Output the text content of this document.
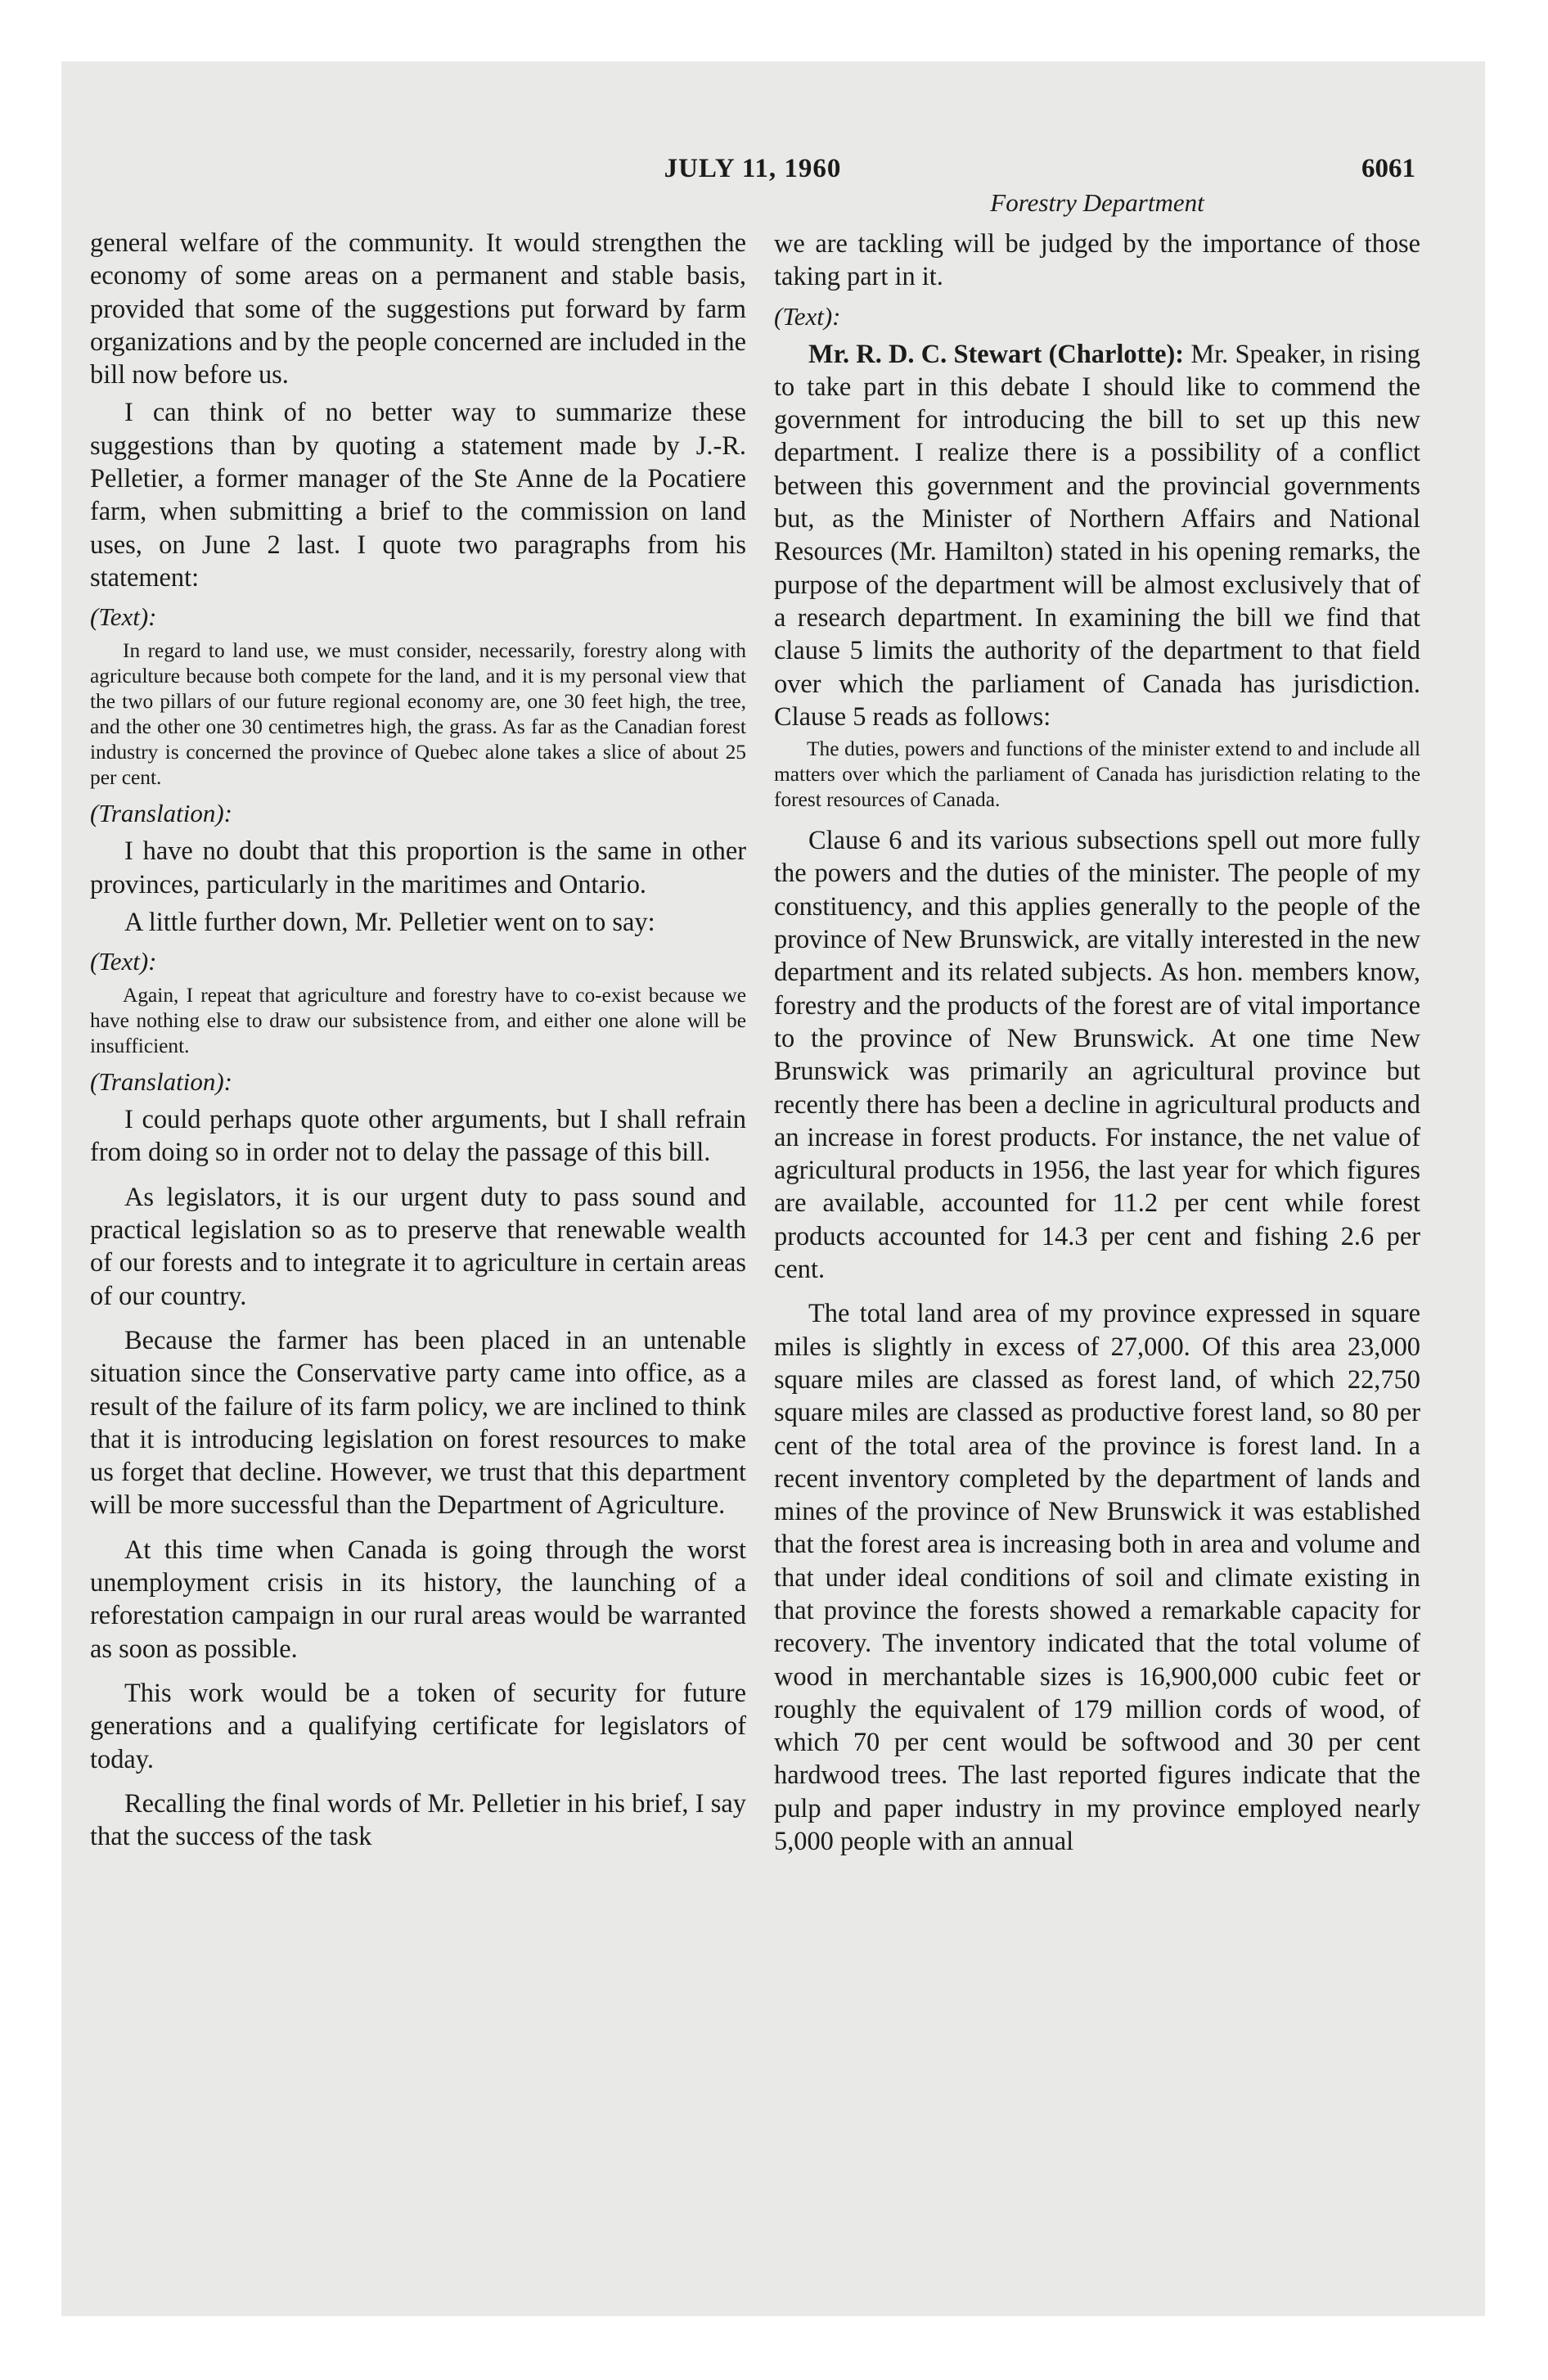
JULY 11, 1960	6061
Forestry Department

general welfare of the community. It would strengthen the economy of some areas on a permanent and stable basis, provided that some of the suggestions put forward by farm organizations and by the people concerned are included in the bill now before us.

I can think of no better way to summarize these suggestions than by quoting a statement made by J.-R. Pelletier, a former manager of the Ste Anne de la Pocatiere farm, when submitting a brief to the commission on land uses, on June 2 last. I quote two paragraphs from his statement:

(Text):

In regard to land use, we must consider, necessarily, forestry along with agriculture because both compete for the land, and it is my personal view that the two pillars of our future regional economy are, one 30 feet high, the tree, and the other one 30 centimetres high, the grass. As far as the Canadian forest industry is concerned the province of Quebec alone takes a slice of about 25 per cent.

(Translation):

I have no doubt that this proportion is the same in other provinces, particularly in the maritimes and Ontario.

A little further down, Mr. Pelletier went on to say:

(Text):

Again, I repeat that agriculture and forestry have to co-exist because we have nothing else to draw our subsistence from, and either one alone will be insufficient.

(Translation):

I could perhaps quote other arguments, but I shall refrain from doing so in order not to delay the passage of this bill.

As legislators, it is our urgent duty to pass sound and practical legislation so as to preserve that renewable wealth of our forests and to integrate it to agriculture in certain areas of our country.

Because the farmer has been placed in an untenable situation since the Conservative party came into office, as a result of the failure of its farm policy, we are inclined to think that it is introducing legislation on forest resources to make us forget that decline. However, we trust that this department will be more successful than the Department of Agriculture.

At this time when Canada is going through the worst unemployment crisis in its history, the launching of a reforestation campaign in our rural areas would be warranted as soon as possible.

This work would be a token of security for future generations and a qualifying certificate for legislators of today.

Recalling the final words of Mr. Pelletier in his brief, I say that the success of the task

we are tackling will be judged by the importance of those taking part in it.

(Text):

Mr. R. D. C. Stewart (Charlotte): Mr. Speaker, in rising to take part in this debate I should like to commend the government for introducing the bill to set up this new department. I realize there is a possibility of a conflict between this government and the provincial governments but, as the Minister of Northern Affairs and National Resources (Mr. Hamilton) stated in his opening remarks, the purpose of the department will be almost exclusively that of a research department. In examining the bill we find that clause 5 limits the authority of the department to that field over which the parliament of Canada has jurisdiction. Clause 5 reads as follows:

The duties, powers and functions of the minister extend to and include all matters over which the parliament of Canada has jurisdiction relating to the forest resources of Canada.

Clause 6 and its various subsections spell out more fully the powers and the duties of the minister. The people of my constituency, and this applies generally to the people of the province of New Brunswick, are vitally interested in the new department and its related subjects. As hon. members know, forestry and the products of the forest are of vital importance to the province of New Brunswick. At one time New Brunswick was primarily an agricultural province but recently there has been a decline in agricultural products and an increase in forest products. For instance, the net value of agricultural products in 1956, the last year for which figures are available, accounted for 11.2 per cent while forest products accounted for 14.3 per cent and fishing 2.6 per cent.

The total land area of my province expressed in square miles is slightly in excess of 27,000. Of this area 23,000 square miles are classed as forest land, of which 22,750 square miles are classed as productive forest land, so 80 per cent of the total area of the province is forest land. In a recent inventory completed by the department of lands and mines of the province of New Brunswick it was established that the forest area is increasing both in area and volume and that under ideal conditions of soil and climate existing in that province the forests showed a remarkable capacity for recovery. The inventory indicated that the total volume of wood in merchantable sizes is 16,900,000 cubic feet or roughly the equivalent of 179 million cords of wood, of which 70 per cent would be softwood and 30 per cent hardwood trees. The last reported figures indicate that the pulp and paper industry in my province employed nearly 5,000 people with an annual
